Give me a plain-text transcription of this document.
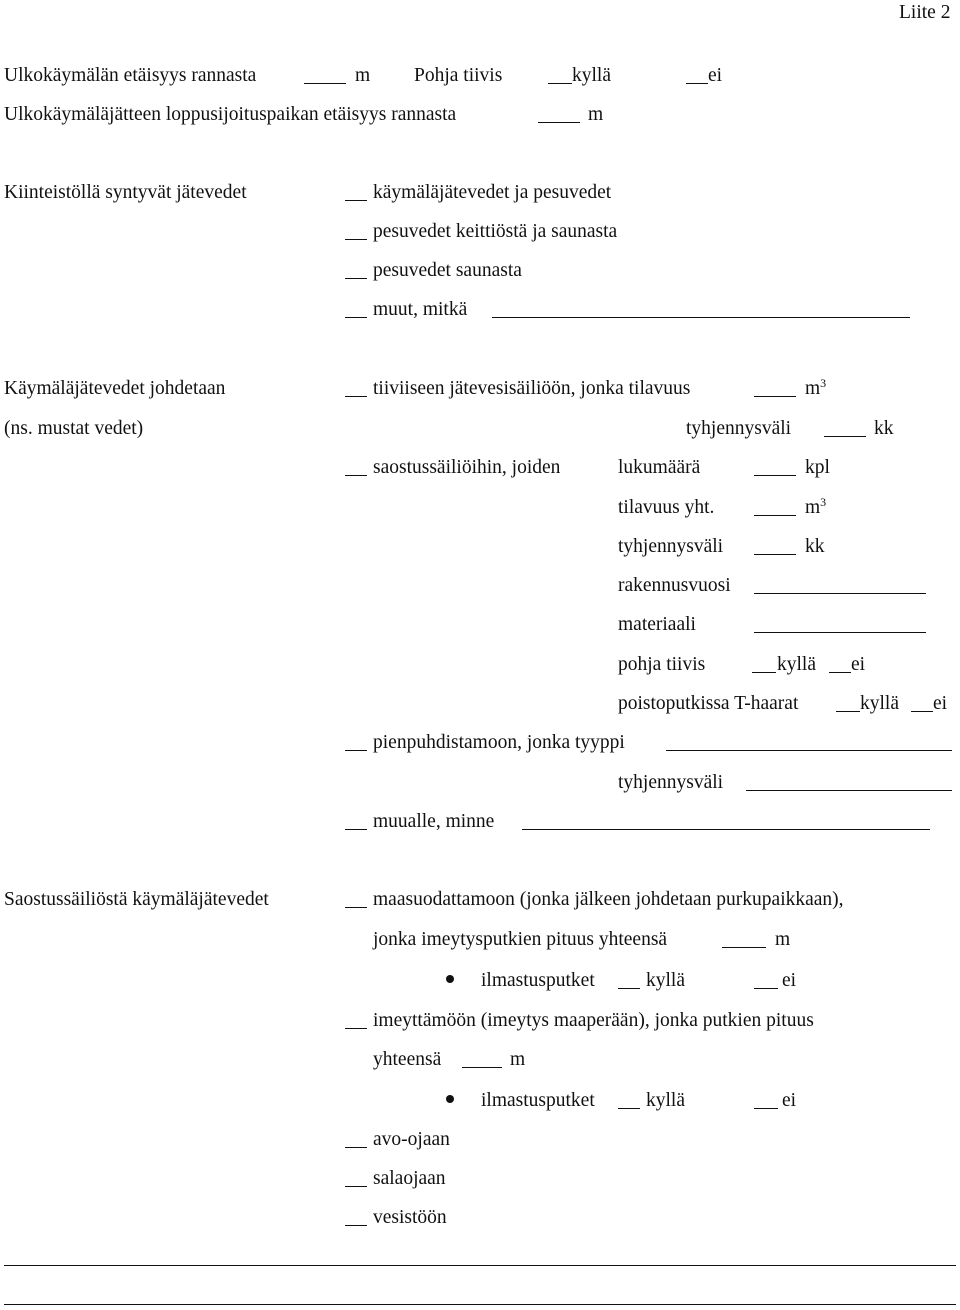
Liite 2
Ulkokäymälän etäisyys rannasta	m Pohja tiivis	kyllä	ei
Ulkokäymäläjätteen loppusijoituspaikan etäisyys rannasta	m
Kiinteistöllä syntyvät jätevedet	käymäläjätevedet ja pesuvedet
pesuvedet keittiöstä ja saunasta
pesuvedet saunasta
muut, mitkä
Käymäläjätevedet johdetaan
(ns. mustat vedet)
tiiviiseen jätevesisäiliöön, jonka tilavuus	$m^3$
tyhjennysväli	kk
saostussäiliöihin, joiden	lukumäärä	kpl
tilavuus yht.	$m^3$
tyhjennysväli	kk
rakennusvuosi
materiaali
pohja tiivis	kyllä ei
poistoputkissa T-haarat	kyllä ei
pienpuhdistamoon, jonka tyyppi
tyhjennysväli
muualle, minne
Saostussäiliöstä käymäläjätevedet	maasuodattamoon (jonka jälkeen johdetaan purkupaikkaan),
jonka imeytysputkien pituus yhteensä	m
ilmastusputket	kyllä	ei
imeyttämöön (imeytys maaperään), jonka putkien pituus
yhteensä	m
ilmastusputket	kyllä	ei
avo-ojaan
salaojaan
vesistöön
